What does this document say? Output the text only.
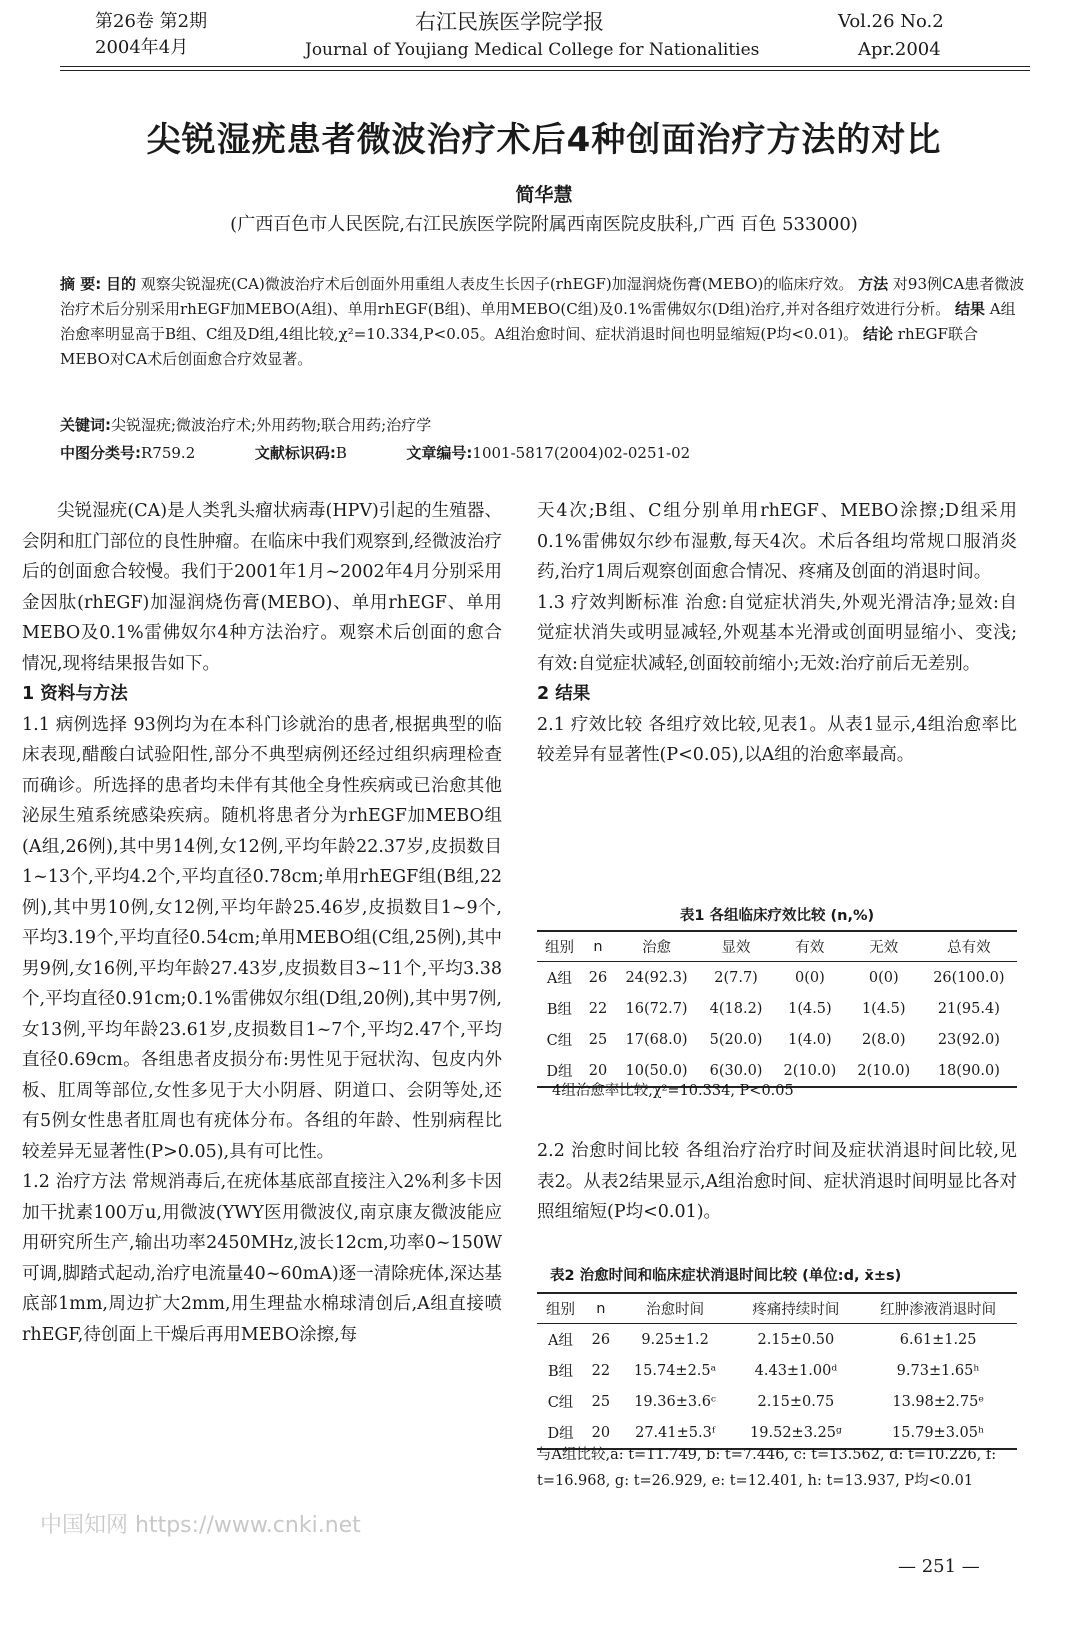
第26卷 第2期
2004年4月
右江民族医学院学报
Journal of Youjiang Medical College for Nationalities
Vol.26 No.2
Apr.2004
尖锐湿疣患者微波治疗术后4种创面治疗方法的对比
简华慧
(广西百色市人民医院,右江民族医学院附属西南医院皮肤科,广西 百色 533000)
摘 要: 目的 观察尖锐湿疣(CA)微波治疗术后创面外用重组人表皮生长因子(rhEGF)加湿润烧伤膏(MEBO)的临床疗效。 方法 对93例CA患者微波治疗术后分别采用rhEGF加MEBO(A组)、单用rhEGF(B组)、单用MEBO(C组)及0.1%雷佛奴尔(D组)治疗,并对各组疗效进行分析。 结果 A组治愈率明显高于B组、C组及D组,4组比较,χ²=10.334,P<0.05。A组治愈时间、症状消退时间也明显缩短(P均<0.01)。 结论 rhEGF联合MEBO对CA术后创面愈合疗效显著。
关键词:尖锐湿疣;微波治疗术;外用药物;联合用药;治疗学
中图分类号:R759.2	文献标识码:B	文章编号:1001-5817(2004)02-0251-02

尖锐湿疣(CA)是人类乳头瘤状病毒(HPV)引起的生殖器、会阴和肛门部位的良性肿瘤。在临床中我们观察到,经微波治疗后的创面愈合较慢。我们于2001年1月~2002年4月分别采用金因肽(rhEGF)加湿润烧伤膏(MEBO)、单用rhEGF、单用MEBO及0.1%雷佛奴尔4种方法治疗。观察术后创面的愈合情况,现将结果报告如下。

1 资料与方法

1.1 病例选择 93例均为在本科门诊就治的患者,根据典型的临床表现,醋酸白试验阳性,部分不典型病例还经过组织病理检查而确诊。所选择的患者均未伴有其他全身性疾病或已治愈其他泌尿生殖系统感染疾病。随机将患者分为rhEGF加MEBO组(A组,26例),其中男14例,女12例,平均年龄22.37岁,皮损数目1~13个,平均4.2个,平均直径0.78cm;单用rhEGF组(B组,22例),其中男10例,女12例,平均年龄25.46岁,皮损数目1~9个,平均3.19个,平均直径0.54cm;单用MEBO组(C组,25例),其中男9例,女16例,平均年龄27.43岁,皮损数目3~11个,平均3.38个,平均直径0.91cm;0.1%雷佛奴尔组(D组,20例),其中男7例,女13例,平均年龄23.61岁,皮损数目1~7个,平均2.47个,平均直径0.69cm。各组患者皮损分布:男性见于冠状沟、包皮内外板、肛周等部位,女性多见于大小阴唇、阴道口、会阴等处,还有5例女性患者肛周也有疣体分布。各组的年龄、性别病程比较差异无显著性(P>0.05),具有可比性。

1.2 治疗方法 常规消毒后,在疣体基底部直接注入2%利多卡因加干扰素100万u,用微波(YWY医用微波仪,南京康友微波能应用研究所生产,输出功率2450MHz,波长12cm,功率0~150W可调,脚踏式起动,治疗电流量40~60mA)逐一清除疣体,深达基底部1mm,周边扩大2mm,用生理盐水棉球清创后,A组直接喷rhEGF,待创面上干燥后再用MEBO涂擦,每

天4次;B组、C组分别单用rhEGF、MEBO涂擦;D组采用0.1%雷佛奴尔纱布湿敷,每天4次。术后各组均常规口服消炎药,治疗1周后观察创面愈合情况、疼痛及创面的消退时间。

1.3 疗效判断标准 治愈:自觉症状消失,外观光滑洁净;显效:自觉症状消失或明显减轻,外观基本光滑或创面明显缩小、变浅;有效:自觉症状减轻,创面较前缩小;无效:治疗前后无差别。

2 结果

2.1 疗效比较 各组疗效比较,见表1。从表1显示,4组治愈率比较差异有显著性(P<0.05),以A组的治愈率最高。

表1 各组临床疗效比较 (n,%)
组别	n	治愈	显效	有效	无效	总有效
A组	26	24(92.3)	2(7.7)	0(0)	0(0)	26(100.0)
B组	22	16(72.7)	4(18.2)	1(4.5)	1(4.5)	21(95.4)
C组	25	17(68.0)	5(20.0)	1(4.0)	2(8.0)	23(92.0)
D组	20	10(50.0)	6(30.0)	2(10.0)	2(10.0)	18(90.0)
4组治愈率比较,χ²=10.334, P<0.05

2.2 治愈时间比较 各组治疗治疗时间及症状消退时间比较,见表2。从表2结果显示,A组治愈时间、症状消退时间明显比各对照组缩短(P均<0.01)。

表2 治愈时间和临床症状消退时间比较 (单位:d, x̄±s)
组别	n	治愈时间	疼痛持续时间	红肿渗液消退时间
A组	26	9.25±1.2	2.15±0.50	6.61±1.25
B组	22	15.74±2.5ᵃ	4.43±1.00ᵈ	9.73±1.65ʰ
C组	25	19.36±3.6ᶜ	2.15±0.75	13.98±2.75ᵉ
D组	20	27.41±5.3ᶠ	19.52±3.25ᵍ	15.79±3.05ʰ
与A组比较,a: t=11.749, b: t=7.446, c: t=13.562, d: t=10.226, f: t=16.968, g: t=26.929, e: t=12.401, h: t=13.937, P均<0.01
中国知网 https://www.cnki.net
— 251 —
